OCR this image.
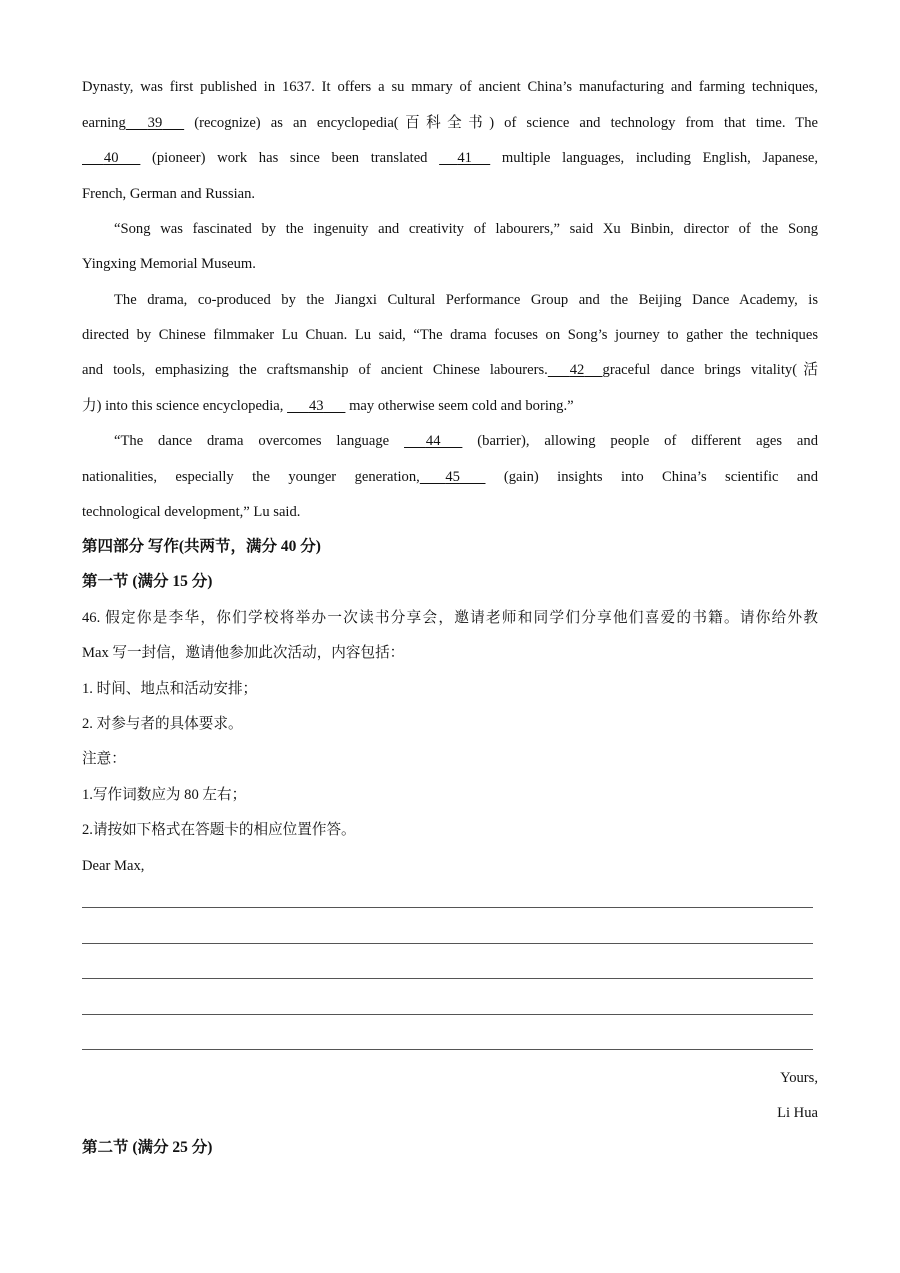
Dynasty, was first published in 1637. It offers a su mmary of ancient China’s manufacturing and farming techniques,
earning 39       (recognize) as an encyclopedia(百科全书) of science and technology from that time. The
40       (pioneer) work has since been translated      41      multiple languages, including English, Japanese,
French, German and Russian.
“Song was fascinated by the ingenuity and creativity of labourers,” said Xu Binbin, director of the Song
Yingxing Memorial Museum.
The drama, co-produced by the Jiangxi Cultural Performance Group and the Beijing Dance Academy, is
directed by Chinese filmmaker Lu Chuan. Lu said, “The drama focuses on Song’s journey to gather the techniques
and tools, emphasizing the craftsmanship of ancient Chinese labourers. 42 graceful dance brings vitality(活
力) into this science encyclopedia,       43       may otherwise seem cold and boring.”
“The dance drama overcomes language       44       (barrier), allowing people of different ages and
nationalities, especially the younger generation, 45        (gain) insights into China’s scientific and
technological development,” Lu said.
第四部分 写作(共两节，满分 40 分)
第一节 (满分 15 分)
46. 假定你是李华，你们学校将举办一次读书分享会，邀请老师和同学们分享他们喜爱的书籍。请你给外教
Max 写一封信，邀请他参加此次活动，内容包括：
1. 时间、地点和活动安排；
2. 对参与者的具体要求。
注意：
1.写作词数应为 80 左右；
2.请按如下格式在答题卡的相应位置作答。
Dear Max,
Yours,
Li Hua
第二节 (满分 25 分)
